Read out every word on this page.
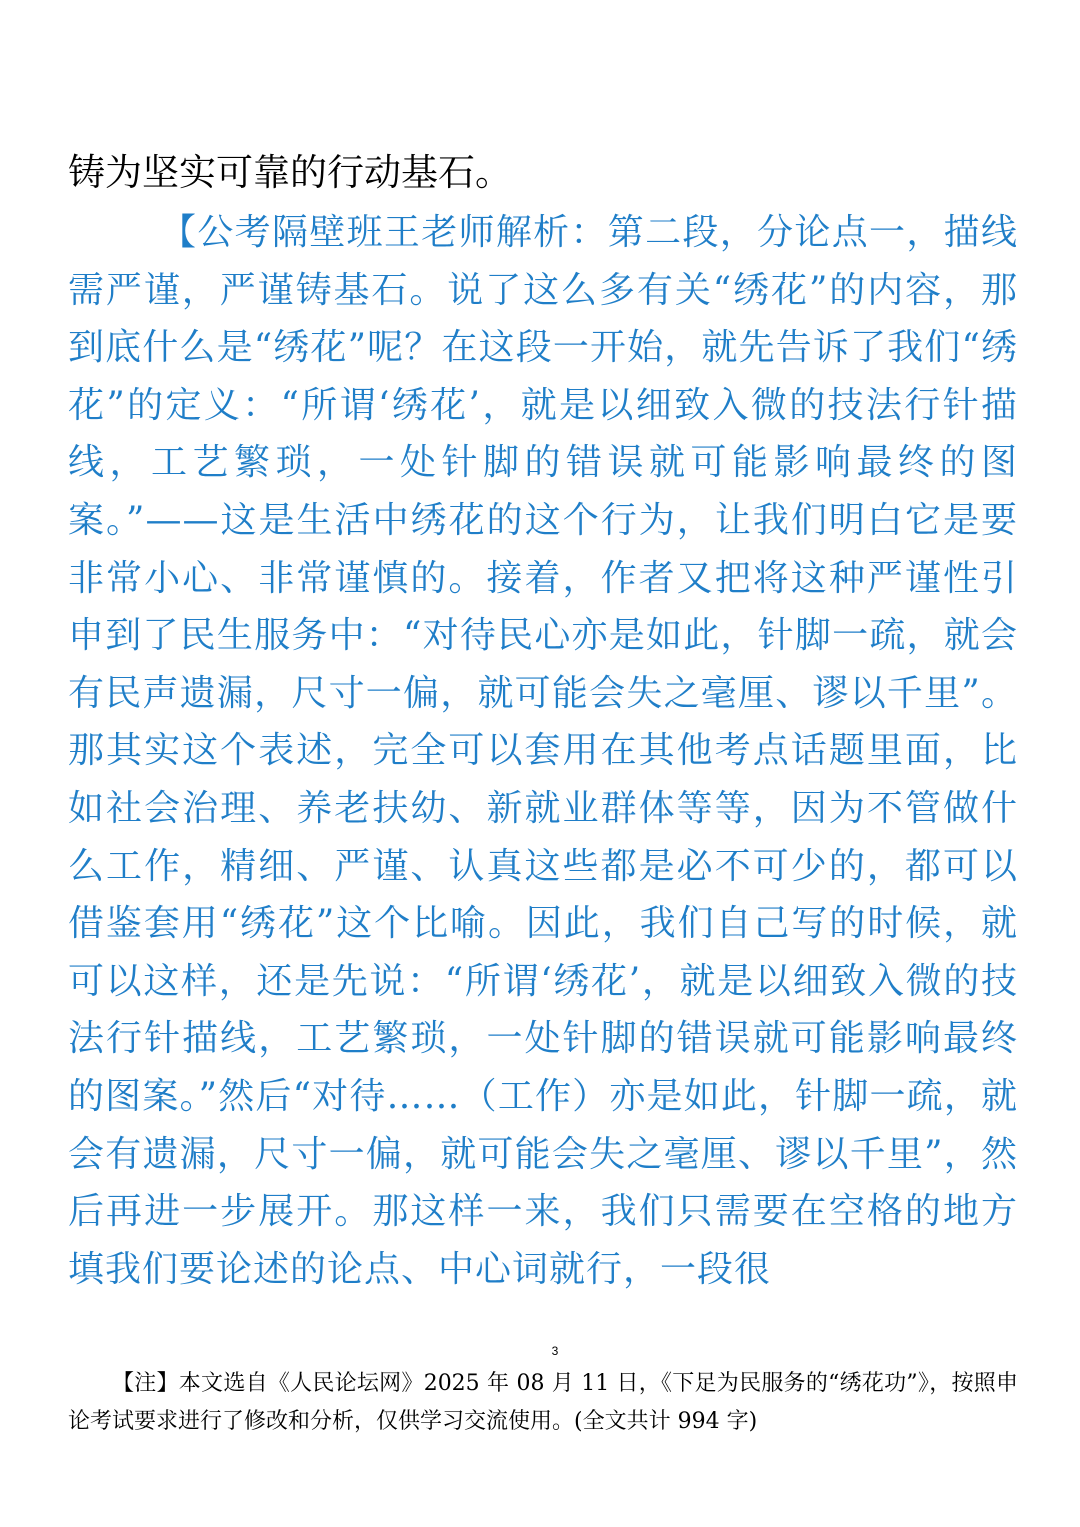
铸为坚实可靠的行动基石。

【公考隔壁班王老师解析：第二段，分论点一，描线需严谨，严谨铸基石。说了这么多有关“绣花”的内容，那到底什么是“绣花”呢？在这段一开始，就先告诉了我们“绣花”的定义：“所谓‘绣花’，就是以细致入微的技法行针描线，工艺繁琐，一处针脚的错误就可能影响最终的图案。”——这是生活中绣花的这个行为，让我们明白它是要非常小心、非常谨慎的。接着，作者又把将这种严谨性引申到了民生服务中：“对待民心亦是如此，针脚一疏，就会有民声遗漏，尺寸一偏，就可能会失之毫厘、谬以千里”。那其实这个表述，完全可以套用在其他考点话题里面，比如社会治理、养老扶幼、新就业群体等等，因为不管做什么工作，精细、严谨、认真这些都是必不可少的，都可以借鉴套用“绣花”这个比喻。因此，我们自己写的时候，就可以这样，还是先说：“所谓‘绣花’，就是以细致入微的技法行针描线，工艺繁琐，一处针脚的错误就可能影响最终的图案。”然后“对待……（工作）亦是如此，针脚一疏，就会有遗漏，尺寸一偏，就可能会失之毫厘、谬以千里”，然后再进一步展开。那这样一来，我们只需要在空格的地方填我们要论述的论点、中心词就行，一段很

3

【注】本文选自《人民论坛网》2025 年 08 月 11 日，《下足为民服务的“绣花功”》，按照申论考试要求进行了修改和分析，仅供学习交流使用。(全文共计 994 字)
